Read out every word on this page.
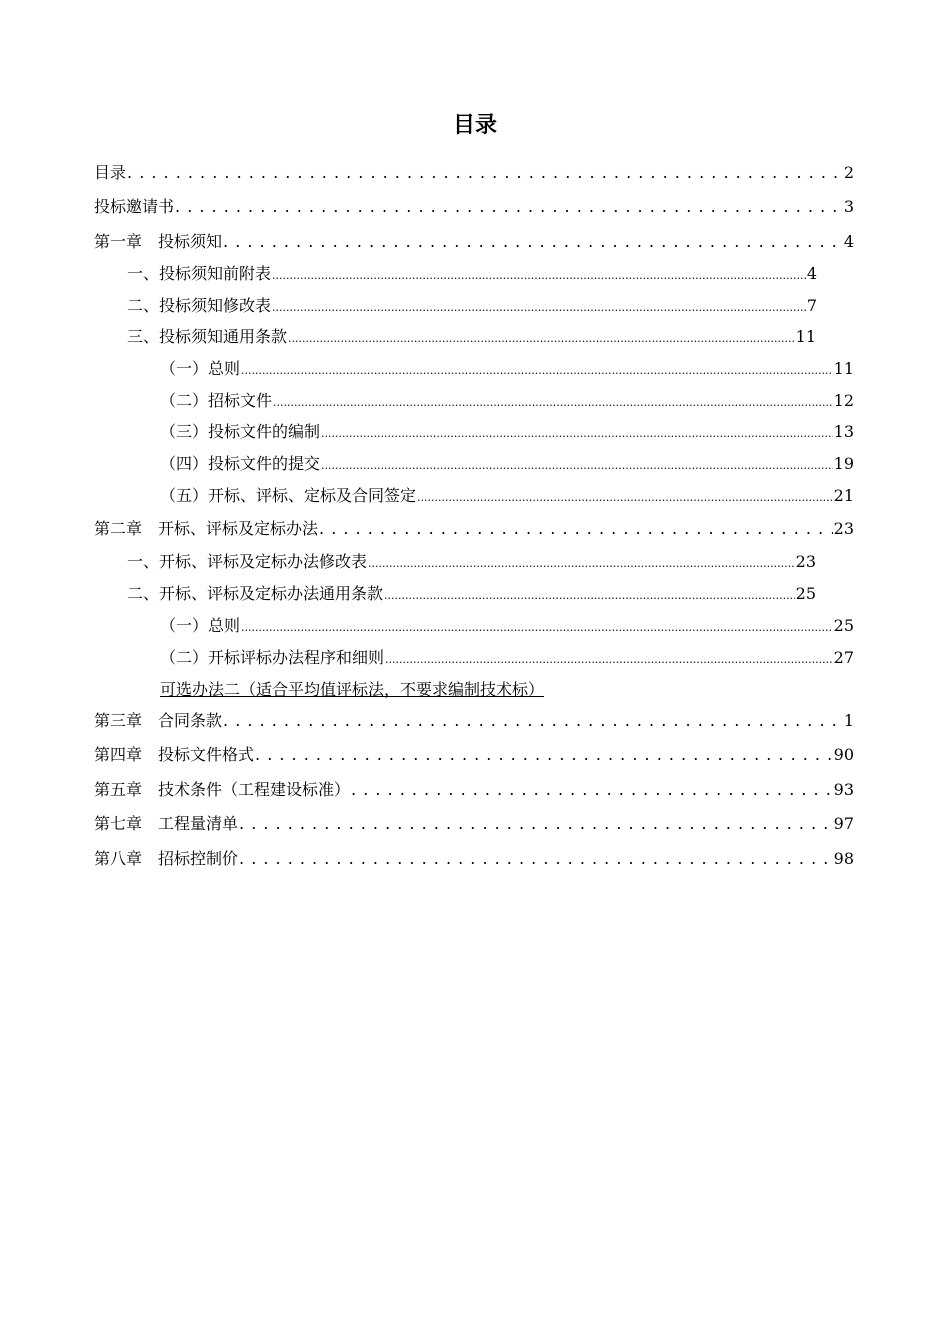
目录
目录 . . .	2
投标邀请书 . . .	3
第一章　投标须知 . . .	4
一、投标须知前附表 .....	4
二、投标须知修改表 .....	7
三、投标须知通用条款 .....	11
（一）总则 .....	11
（二）招标文件 .....	12
（三）投标文件的编制 .....	13
（四）投标文件的提交 .....	19
（五）开标、评标、定标及合同签定 .....	21
第二章　开标、评标及定标办法 . . .	23
一、开标、评标及定标办法修改表 .....	23
二、开标、评标及定标办法通用条款 .....	25
（一）总则 .....	25
（二）开标评标办法程序和细则 .....	27
可选办法二（适合平均值评标法，不要求编制技术标）
第三章　合同条款 . . .	1
第四章　投标文件格式 . . .	90
第五章　技术条件（工程建设标准） . . .	93
第七章　工程量清单 . . .	97
第八章　招标控制价 . . .	98
